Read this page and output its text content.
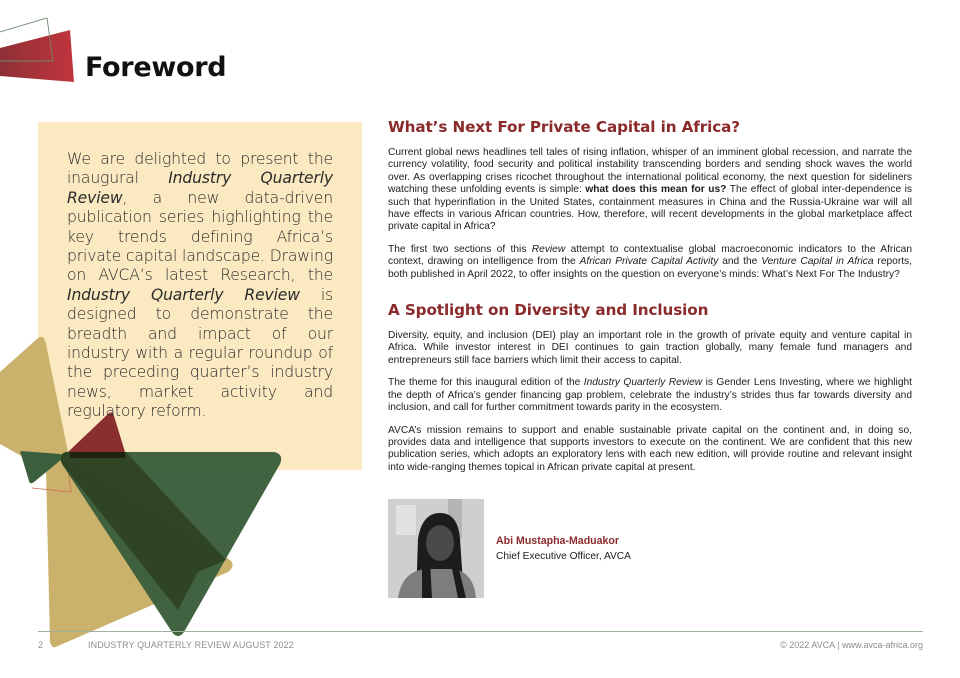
Foreword

We are delighted to present the inaugural Industry Quarterly Review, a new data-driven publication series highlighting the key trends defining Africa’s private capital landscape. Drawing on AVCA’s latest Research, the Industry Quarterly Review is designed to demonstrate the breadth and impact of our industry with a regular roundup of the preceding quarter’s industry news, market activity and regulatory reform.

What’s Next For Private Capital in Africa?

Current global news headlines tell tales of rising inflation, whisper of an imminent global recession, and narrate the currency volatility, food security and political instability transcending borders and sending shock waves the world over. As overlapping crises ricochet throughout the international political economy, the next question for sideliners watching these unfolding events is simple: what does this mean for us? The effect of global inter-dependence is such that hyperinflation in the United States, containment measures in China and the Russia-Ukraine war will all have effects in various African countries. How, therefore, will recent developments in the global marketplace affect private capital in Africa?

The first two sections of this Review attempt to contextualise global macroeconomic indicators to the African context, drawing on intelligence from the African Private Capital Activity and the Venture Capital in Africa reports, both published in April 2022, to offer insights on the question on everyone’s minds: What’s Next For The Industry?

A Spotlight on Diversity and Inclusion

Diversity, equity, and inclusion (DEI) play an important role in the growth of private equity and venture capital in Africa. While investor interest in DEI continues to gain traction globally, many female fund managers and entrepreneurs still face barriers which limit their access to capital.

The theme for this inaugural edition of the Industry Quarterly Review is Gender Lens Investing, where we highlight the depth of Africa’s gender financing gap problem, celebrate the industry’s strides thus far towards diversity and inclusion, and call for further commitment towards parity in the ecosystem.

AVCA’s mission remains to support and enable sustainable private capital on the continent and, in doing so, provides data and intelligence that supports investors to execute on the continent. We are confident that this new publication series, which adopts an exploratory lens with each new edition, will provide routine and relevant insight into wide-ranging themes topical in African private capital at present.

Abi Mustapha-Maduakor

Chief Executive Officer, AVCA

2	INDUSTRY QUARTERLY REVIEW AUGUST 2022	© 2022 AVCA | www.avca-africa.org
